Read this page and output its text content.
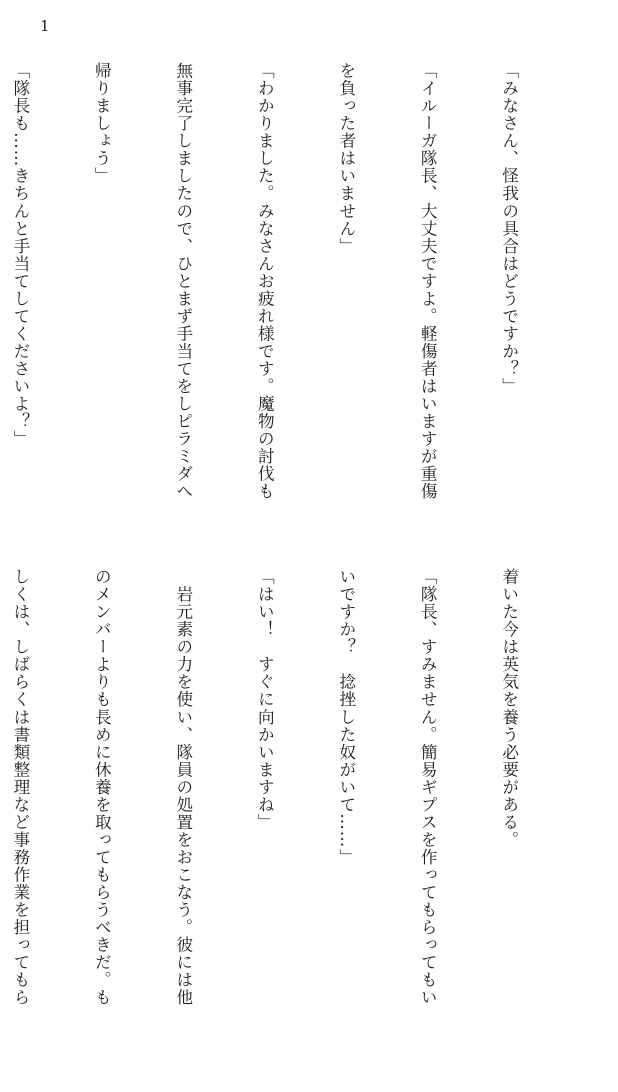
1

「みなさん、怪我の具合はどうですか？」

「イルーガ隊長、大丈夫ですよ。軽傷者はいますが重傷

を負った者はいません」

「わかりました。みなさんお疲れ様です。魔物の討伐も

無事完了しましたので、ひとまず手当てをしピラミダへ

帰りましょう」

「隊長も……きちんと手当てしてくださいよ？」

着いた今は英気を養う必要がある。

「隊長、すみません。簡易ギプスを作ってもらってもい

いですか？　捻挫した奴がいて……」

「はい！　すぐに向かいますね」

　岩元素の力を使い、隊員の処置をおこなう。彼には他

のメンバーよりも長めに休養を取ってもらうべきだ。も

しくは、しばらくは書類整理など事務作業を担ってもら
